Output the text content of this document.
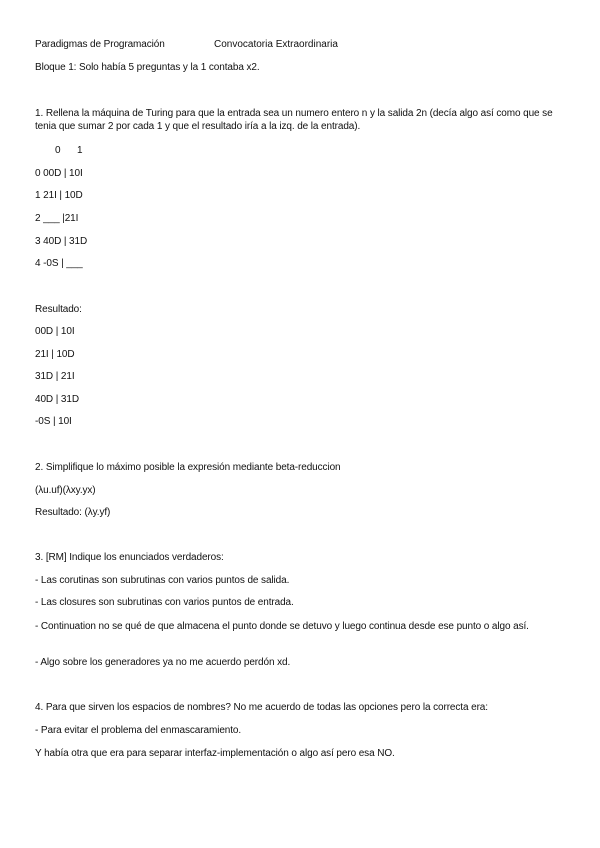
Paradigmas de Programación	Convocatoria Extraordinaria
Bloque 1: Solo había 5 preguntas y la 1 contaba x2.
1. Rellena la máquina de Turing para que la entrada sea un numero entero n y la salida 2n (decía algo así como que se tenia que sumar 2 por cada 1 y que el resultado iría a la izq. de la entrada).
0 1
0 00D | 10I
1 21I | 10D
2 ___ |21I
3 40D | 31D
4 -0S | ___
Resultado:
00D | 10I
21I | 10D
31D | 21I
40D | 31D
-0S | 10I
2. Simplifique lo máximo posible la expresión mediante beta-reduccion
(λu.uf)(λxy.yx)
Resultado: (λy.yf)
3. [RM] Indique los enunciados verdaderos:
- Las corutinas son subrutinas con varios puntos de salida.
- Las closures son subrutinas con varios puntos de entrada.
- Continuation no se qué de que almacena el punto donde se detuvo y luego continua desde ese punto o algo así.
- Algo sobre los generadores ya no me acuerdo perdón xd.
4. Para que sirven los espacios de nombres? No me acuerdo de todas las opciones pero la correcta era:
- Para evitar el problema del enmascaramiento.
Y había otra que era para separar interfaz-implementación o algo así pero esa NO.
